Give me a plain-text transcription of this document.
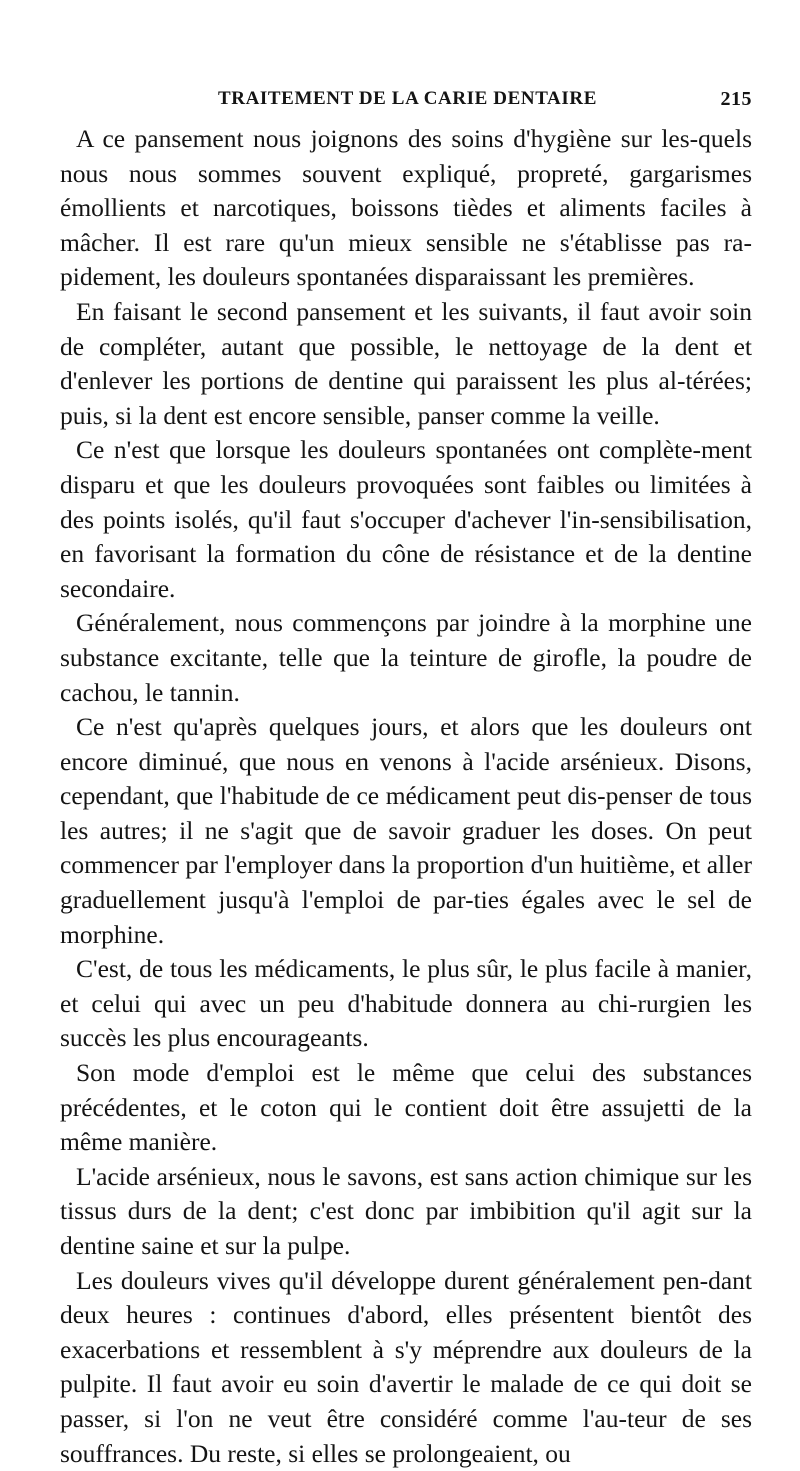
TRAITEMENT DE LA CARIE DENTAIRE	215

A ce pansement nous joignons des soins d'hygiène sur les-quels nous nous sommes souvent expliqué, propreté, gargarismes émollients et narcotiques, boissons tièdes et aliments faciles à mâcher. Il est rare qu'un mieux sensible ne s'établisse pas ra-pidement, les douleurs spontanées disparaissant les premières.

En faisant le second pansement et les suivants, il faut avoir soin de compléter, autant que possible, le nettoyage de la dent et d'enlever les portions de dentine qui paraissent les plus al-térées; puis, si la dent est encore sensible, panser comme la veille.

Ce n'est que lorsque les douleurs spontanées ont complète-ment disparu et que les douleurs provoquées sont faibles ou limitées à des points isolés, qu'il faut s'occuper d'achever l'in-sensibilisation, en favorisant la formation du cône de résistance et de la dentine secondaire.

Généralement, nous commençons par joindre à la morphine une substance excitante, telle que la teinture de girofle, la poudre de cachou, le tannin.

Ce n'est qu'après quelques jours, et alors que les douleurs ont encore diminué, que nous en venons à l'acide arsénieux. Disons, cependant, que l'habitude de ce médicament peut dis-penser de tous les autres; il ne s'agit que de savoir graduer les doses. On peut commencer par l'employer dans la proportion d'un huitième, et aller graduellement jusqu'à l'emploi de par-ties égales avec le sel de morphine.

C'est, de tous les médicaments, le plus sûr, le plus facile à manier, et celui qui avec un peu d'habitude donnera au chi-rurgien les succès les plus encourageants.

Son mode d'emploi est le même que celui des substances précédentes, et le coton qui le contient doit être assujetti de la même manière.

L'acide arsénieux, nous le savons, est sans action chimique sur les tissus durs de la dent; c'est donc par imbibition qu'il agit sur la dentine saine et sur la pulpe.

Les douleurs vives qu'il développe durent généralement pen-dant deux heures : continues d'abord, elles présentent bientôt des exacerbations et ressemblent à s'y méprendre aux douleurs de la pulpite. Il faut avoir eu soin d'avertir le malade de ce qui doit se passer, si l'on ne veut être considéré comme l'au-teur de ses souffrances. Du reste, si elles se prolongeaient, ou
